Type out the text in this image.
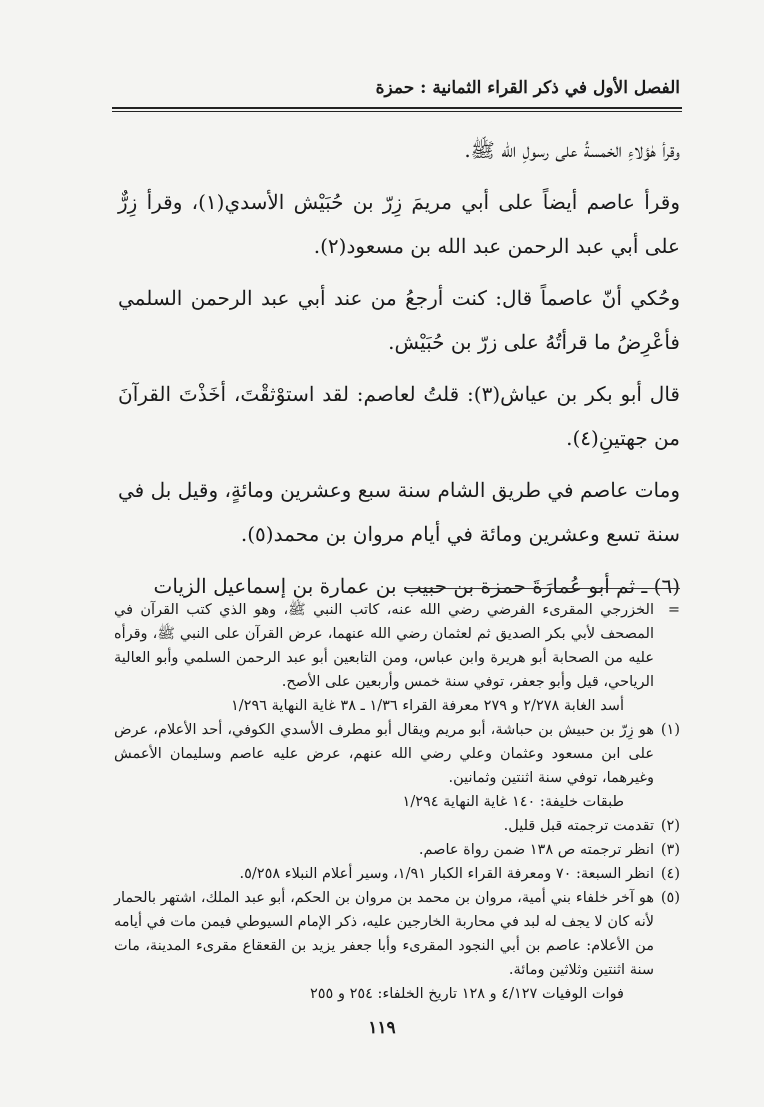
الفصل الأول في ذكر القراء الثمانية : حمزة

وقرأ هٰؤلاءِ الخمسةُ على رسولِ الله ﷺ.

وقرأ عاصم أيضاً على أبي مريمَ زِرّ بن حُبَيْش الأسدي(١)، وقرأ زِرٌّ على أبي عبد الرحمن عبد الله بن مسعود(٢).

وحُكي أنّ عاصماً قال: كنت أرجعُ من عند أبي عبد الرحمن السلمي فأعْرِضُ ما قرأتُهُ على زرّ بن حُبَيْش.

قال أبو بكر بن عياش(٣): قلتُ لعاصم: لقد استوْثقْتَ، أخَذْتَ القرآنَ من جهتينِ(٤).

ومات عاصم في طريق الشام سنة سبع وعشرين ومائةٍ، وقيل بل في سنة تسع وعشرين ومائة في أيام مروان بن محمد(٥).

(٦) ـ ثم أبو عُمارَةَ حمزة بن حبيب بن عمارة بن إسماعيل الزيات

=
الخزرجي المقرىء الفرضي رضي الله عنه، كاتب النبي ﷺ، وهو الذي كتب القرآن في المصحف لأبي بكر الصديق ثم لعثمان رضي الله عنهما، عرض القرآن على النبي ﷺ، وقرأه عليه من الصحابة أبو هريرة وابن عباس، ومن التابعين أبو عبد الرحمن السلمي وأبو العالية الرياحي، قيل وأبو جعفر، توفي سنة خمس وأربعين على الأصح.

أسد الغابة ٢/٢٧٨ و ٢٧٩ معرفة القراء ١/٣٦ ـ ٣٨ غاية النهاية ١/٢٩٦

(١)
هو زِرّ بن حبيش بن حباشة، أبو مريم ويقال أبو مطرف الأسدي الكوفي، أحد الأعلام، عرض على ابن مسعود وعثمان وعلي رضي الله عنهم، عرض عليه عاصم وسليمان الأعمش وغيرهما، توفي سنة اثنتين وثمانين.

طبقات خليفة: ١٤٠ غاية النهاية ١/٢٩٤

(٢)
تقدمت ترجمته قبل قليل.
(٣)
انظر ترجمته ص ١٣٨ ضمن رواة عاصم.
(٤)
انظر السبعة: ٧٠ ومعرفة القراء الكبار ١/٩١، وسير أعلام النبلاء ٥/٢٥٨.
(٥)
هو آخر خلفاء بني أمية، مروان بن محمد بن مروان بن الحكم، أبو عبد الملك، اشتهر بالحمار لأنه كان لا يجف له لبد في محاربة الخارجين عليه، ذكر الإمام السيوطي فيمن مات في أيامه من الأعلام: عاصم بن أبي النجود المقرىء وأبا جعفر يزيد بن القعقاع مقرىء المدينة، مات سنة اثنتين وثلاثين ومائة.

فوات الوفيات ٤/١٢٧ و ١٢٨ تاريخ الخلفاء: ٢٥٤ و ٢٥٥

١١٩
